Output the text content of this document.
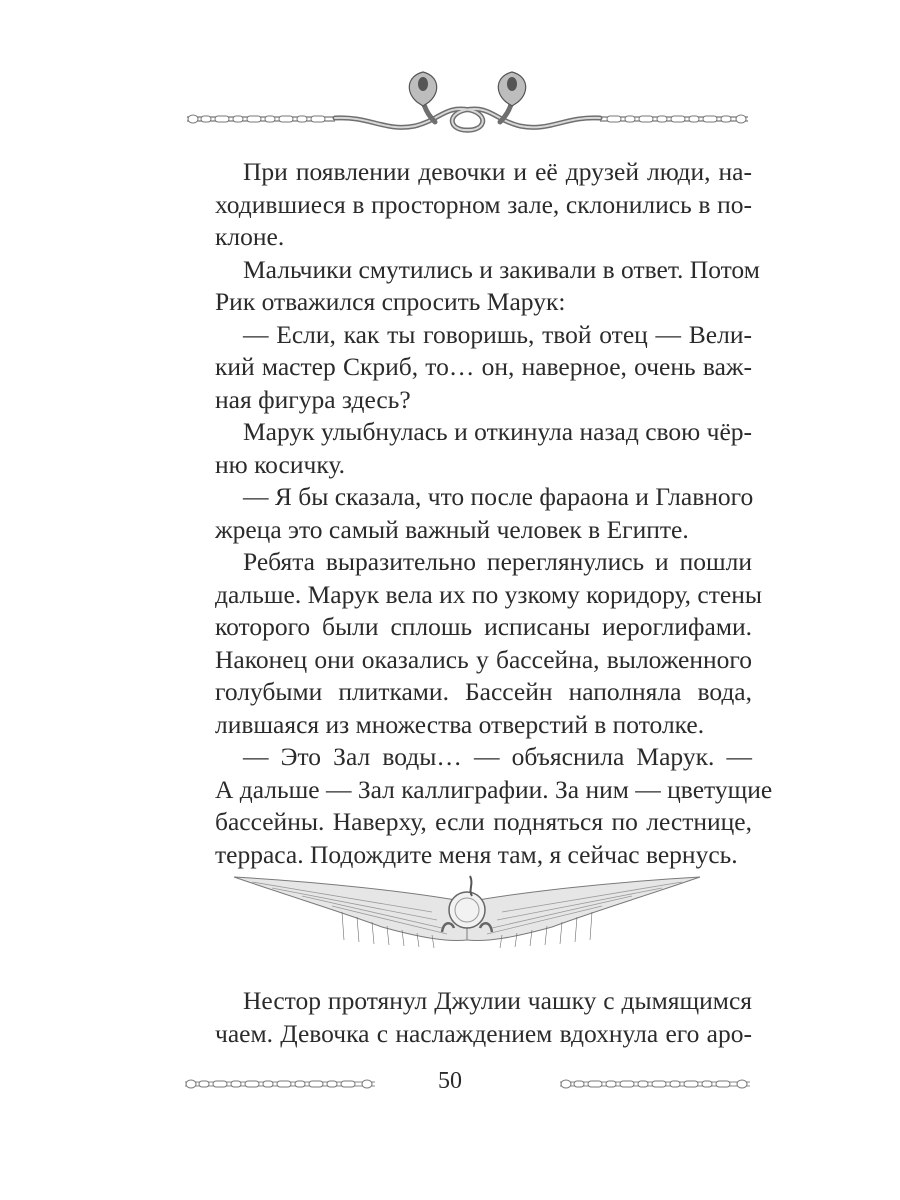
При появлении девочки и её друзей люди, на-
ходившиеся в просторном зале, склонились в по-
клоне.
Мальчики смутились и закивали в ответ. Потом
Рик отважился спросить Марук:
— Если, как ты говоришь, твой отец — Вели-
кий мастер Скриб, то… он, наверное, очень важ-
ная фигура здесь?
Марук улыбнулась и откинула назад свою чёр-
ню косичку.
— Я бы сказала, что после фараона и Главного
жреца это самый важный человек в Египте.
Ребята выразительно переглянулись и пошли
дальше. Марук вела их по узкому коридору, стены
которого были сплошь исписаны иероглифами.
Наконец они оказались у бассейна, выложенного
голубыми плитками. Бассейн наполняла вода,
лившаяся из множества отверстий в потолке.
— Это Зал воды… — объяснила Марук. —
А дальше — Зал каллиграфии. За ним — цветущие
бассейны. Наверху, если подняться по лестнице,
терраса. Подождите меня там, я сейчас вернусь.
Нестор протянул Джулии чашку с дымящимся
чаем. Девочка с наслаждением вдохнула его аро-
50
